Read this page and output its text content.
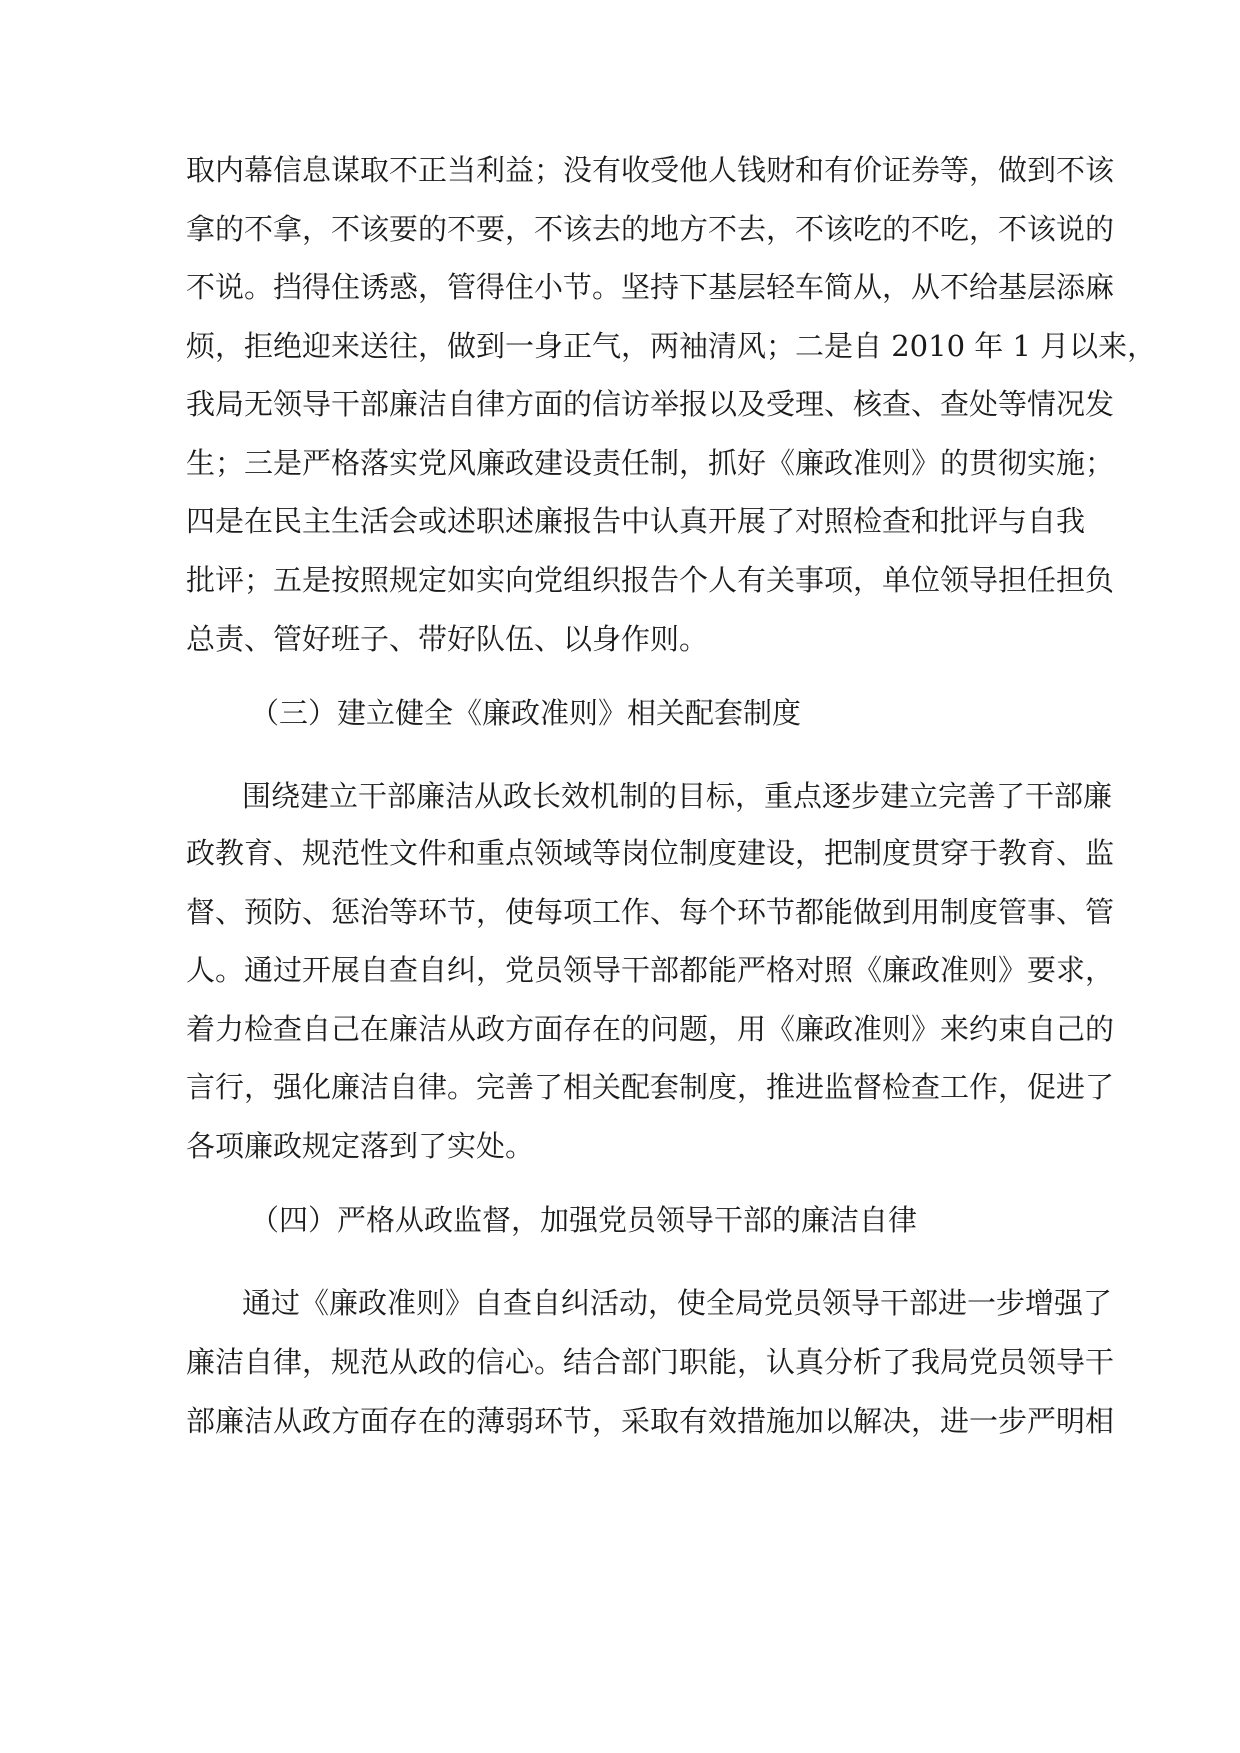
取内幕信息谋取不正当利益；没有收受他人钱财和有价证券等，做到不该
拿的不拿，不该要的不要，不该去的地方不去，不该吃的不吃，不该说的
不说。挡得住诱惑，管得住小节。坚持下基层轻车简从，从不给基层添麻
烦，拒绝迎来送往，做到一身正气，两袖清风；二是自 2010 年 1 月以来，
我局无领导干部廉洁自律方面的信访举报以及受理、核查、查处等情况发
生；三是严格落实党风廉政建设责任制，抓好《廉政准则》的贯彻实施；
四是在民主生活会或述职述廉报告中认真开展了对照检查和批评与自我
批评；五是按照规定如实向党组织报告个人有关事项，单位领导担任担负
总责、管好班子、带好队伍、以身作则。
（三）建立健全《廉政准则》相关配套制度
围绕建立干部廉洁从政长效机制的目标，重点逐步建立完善了干部廉
政教育、规范性文件和重点领域等岗位制度建设，把制度贯穿于教育、监
督、预防、惩治等环节，使每项工作、每个环节都能做到用制度管事、管
人。通过开展自查自纠，党员领导干部都能严格对照《廉政准则》要求，
着力检查自己在廉洁从政方面存在的问题，用《廉政准则》来约束自己的
言行，强化廉洁自律。完善了相关配套制度，推进监督检查工作，促进了
各项廉政规定落到了实处。
（四）严格从政监督，加强党员领导干部的廉洁自律
通过《廉政准则》自查自纠活动，使全局党员领导干部进一步增强了
廉洁自律，规范从政的信心。结合部门职能，认真分析了我局党员领导干
部廉洁从政方面存在的薄弱环节，采取有效措施加以解决，进一步严明相
